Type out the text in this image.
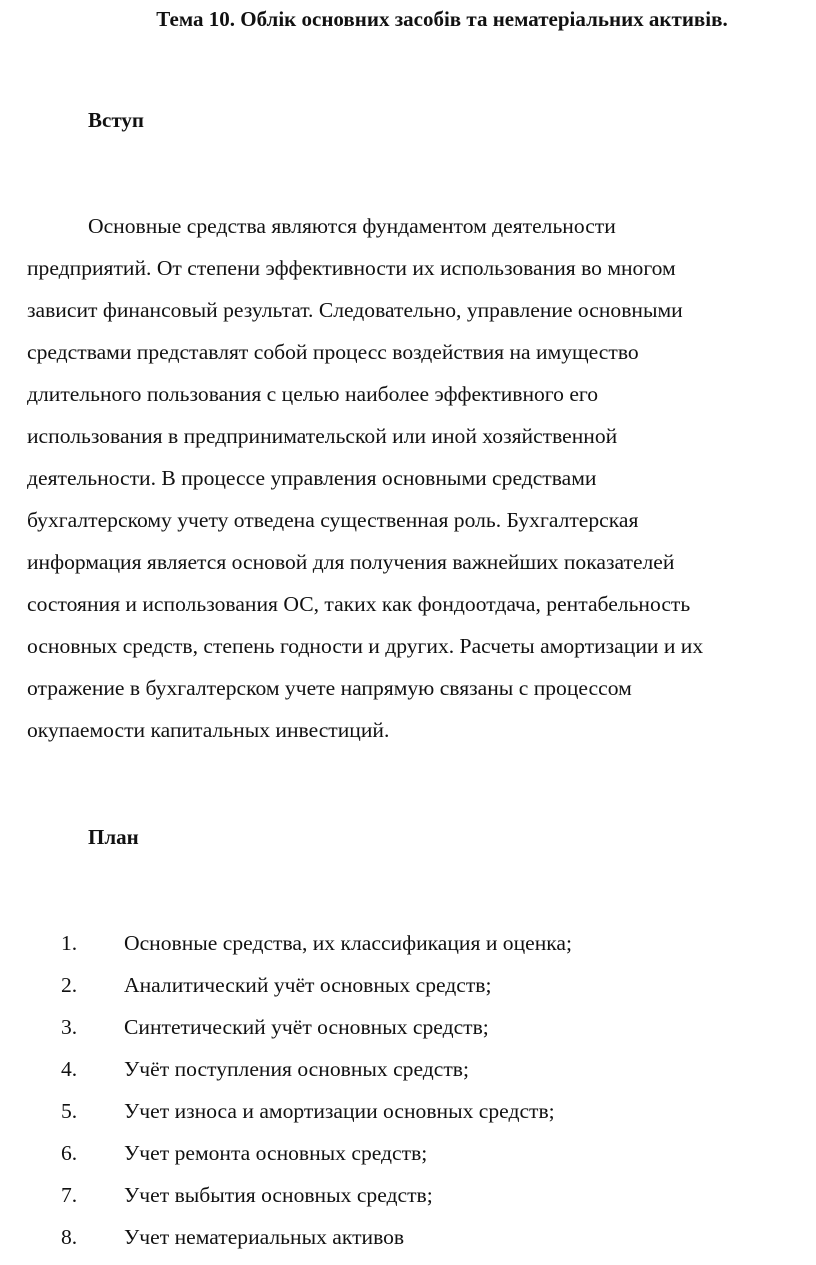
Тема 10. Облік основних засобів та нематеріальних активів.
Вступ

Основные средства являются фундаментом деятельности
предприятий. От степени эффективности их использования во многом
зависит финансовый результат. Следовательно, управление основными
средствами представлят собой процесс воздействия на имущество
длительного пользования с целью наиболее эффективного его
использования в предпринимательской или иной хозяйственной
деятельности. В процессе управления основными средствами
бухгалтерскому учету отведена существенная роль. Бухгалтерская
информация является основой для получения важнейших показателей
состояния и использования ОС, таких как фондоотдача, рентабельность
основных средств, степень годности и других. Расчеты амортизации и их
отражение в бухгалтерском учете напрямую связаны с процессом
окупаемости капитальных инвестиций.

План
1. Основные средства, их классификация и оценка;
2. Аналитический учёт основных средств;
3. Синтетический учёт основных средств;
4. Учёт поступления основных средств;
5. Учет износа и амортизации основных средств;
6. Учет ремонта основных средств;
7. Учет выбытия основных средств;
8. Учет нематериальных активов
